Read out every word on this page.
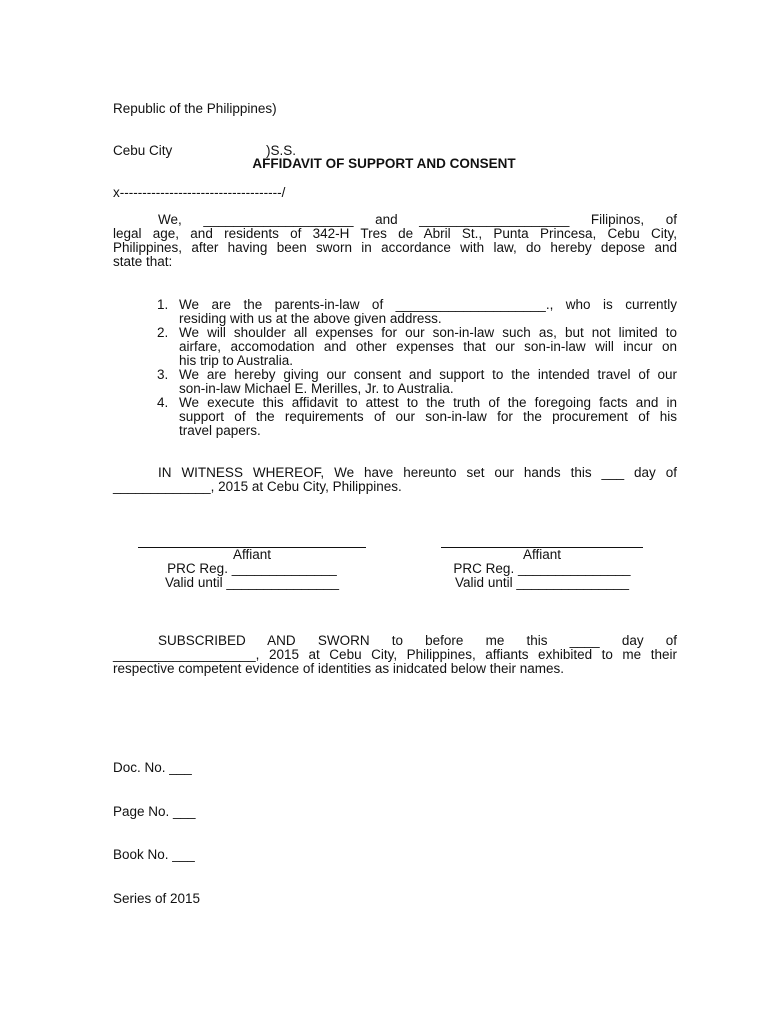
Republic of the Philippines)

Cebu City                         )S.S.

x------------------------------------/

AFFIDAVIT OF SUPPORT AND CONSENT
We, ____________________ and ____________________ Filipinos, of
legal age, and residents of 342-H Tres de Abril St., Punta Princesa, Cebu City,
Philippines, after having been sworn in accordance with law, do hereby depose and
state that:
1. We are the parents-in-law of ____________________., who is currently
residing with us at the above given address.
2. We will shoulder all expenses for our son-in-law such as, but not limited to
airfare, accomodation and other expenses that our son-in-law will incur on
his trip to Australia.
3. We are hereby giving our consent and support to the intended travel of our
son-in-law Michael E. Merilles, Jr. to Australia.
4. We execute this affidavit to attest to the truth of the foregoing facts and in
support of the requirements of our son-in-law for the procurement of his
travel papers.
IN WITNESS WHEREOF, We have hereunto set our hands this ___ day of
_____________, 2015 at Cebu City, Philippines.
Affiant
PRC Reg. ______________
Valid until _______________
Affiant
PRC Reg. _______________
Valid until _______________
SUBSCRIBED AND SWORN to before me this ____ day of
___________________, 2015 at Cebu City, Philippines, affiants exhibited to me their
respective competent evidence of identities as inidcated below their names.

Doc. No. ___

Page No. ___

Book No. ___

Series of 2015
